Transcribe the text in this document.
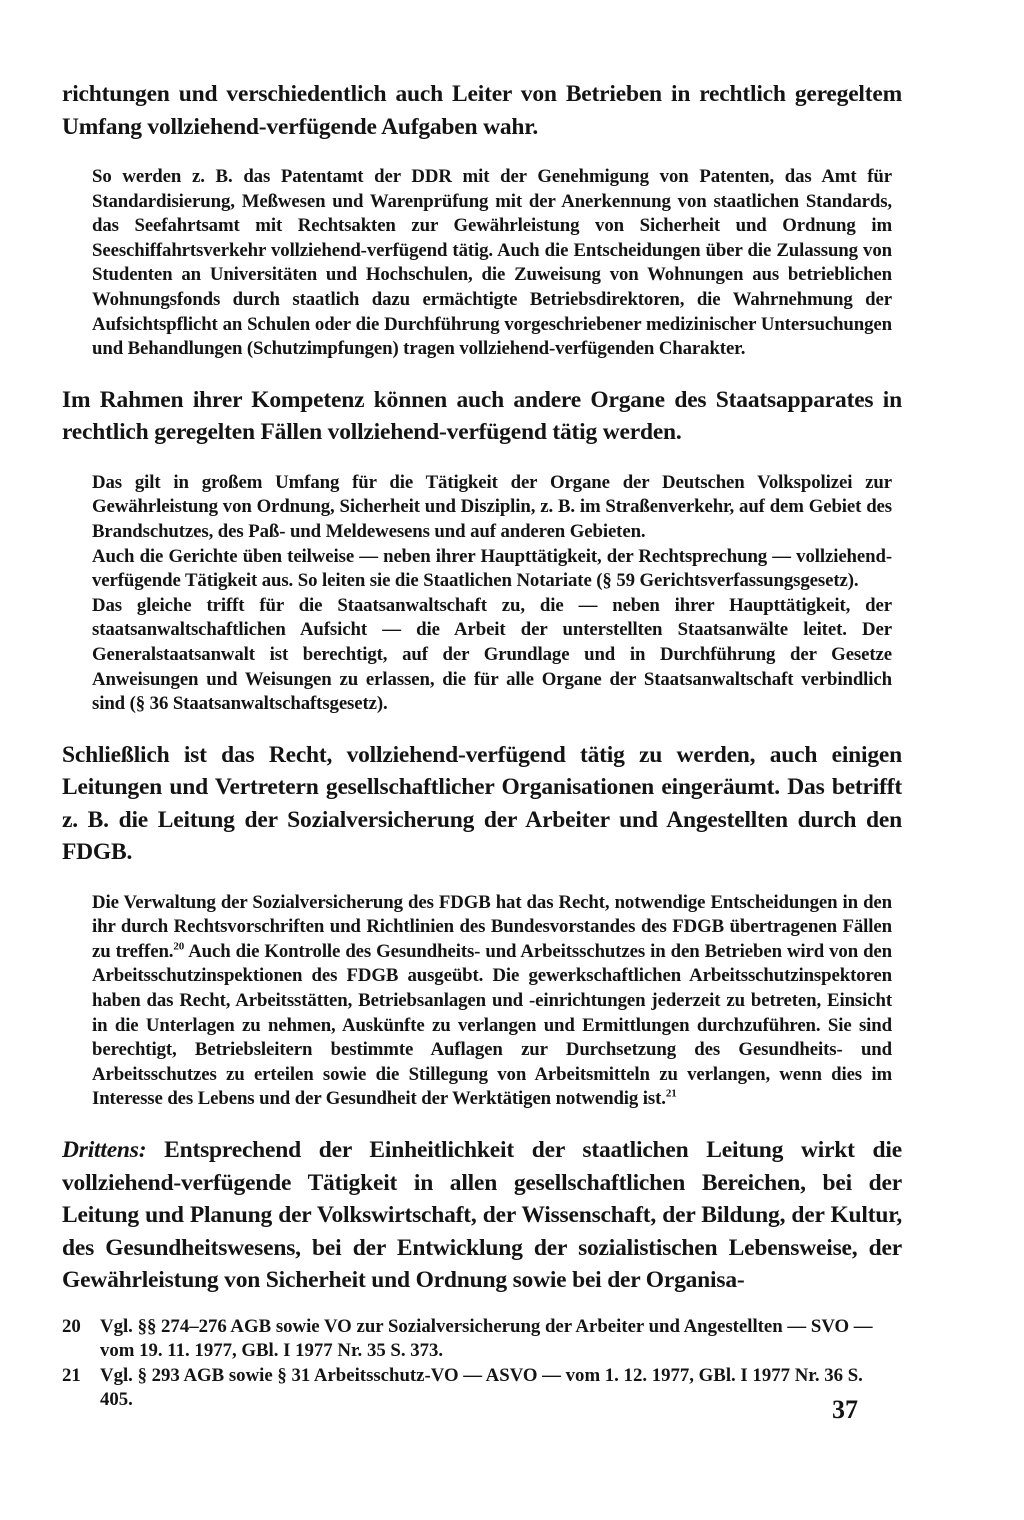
richtungen und verschiedentlich auch Leiter von Betrieben in rechtlich geregeltem Umfang vollziehend-verfügende Aufgaben wahr.

So werden z. B. das Patentamt der DDR mit der Genehmigung von Patenten, das Amt für Standardisierung, Meßwesen und Warenprüfung mit der Anerkennung von staatlichen Standards, das Seefahrtsamt mit Rechtsakten zur Gewährleistung von Sicherheit und Ordnung im Seeschiffahrtsverkehr vollziehend-verfügend tätig. Auch die Entscheidungen über die Zulassung von Studenten an Universitäten und Hochschulen, die Zuweisung von Wohnungen aus betrieblichen Wohnungsfonds durch staatlich dazu ermächtigte Betriebsdirektoren, die Wahrnehmung der Aufsichtspflicht an Schulen oder die Durchführung vorgeschriebener medizinischer Untersuchungen und Behandlungen (Schutzimpfungen) tragen vollziehend-verfügenden Charakter.

Im Rahmen ihrer Kompetenz können auch andere Organe des Staatsapparates in rechtlich geregelten Fällen vollziehend-verfügend tätig werden.

Das gilt in großem Umfang für die Tätigkeit der Organe der Deutschen Volkspolizei zur Gewährleistung von Ordnung, Sicherheit und Disziplin, z. B. im Straßenverkehr, auf dem Gebiet des Brandschutzes, des Paß- und Meldewesens und auf anderen Gebieten.

Auch die Gerichte üben teilweise — neben ihrer Haupttätigkeit, der Rechtsprechung — vollziehend-verfügende Tätigkeit aus. So leiten sie die Staatlichen Notariate (§ 59 Gerichtsverfassungsgesetz).

Das gleiche trifft für die Staatsanwaltschaft zu, die — neben ihrer Haupttätigkeit, der staatsanwaltschaftlichen Aufsicht — die Arbeit der unterstellten Staatsanwälte leitet. Der Generalstaatsanwalt ist berechtigt, auf der Grundlage und in Durchführung der Gesetze Anweisungen und Weisungen zu erlassen, die für alle Organe der Staatsanwaltschaft verbindlich sind (§ 36 Staatsanwaltschaftsgesetz).

Schließlich ist das Recht, vollziehend-verfügend tätig zu werden, auch einigen Leitungen und Vertretern gesellschaftlicher Organisationen eingeräumt. Das betrifft z. B. die Leitung der Sozialversicherung der Arbeiter und Angestellten durch den FDGB.

Die Verwaltung der Sozialversicherung des FDGB hat das Recht, notwendige Entscheidungen in den ihr durch Rechtsvorschriften und Richtlinien des Bundesvorstandes des FDGB übertragenen Fällen zu treffen.$^{20}$ Auch die Kontrolle des Gesundheits- und Arbeitsschutzes in den Betrieben wird von den Arbeitsschutzinspektionen des FDGB ausgeübt. Die gewerkschaftlichen Arbeitsschutzinspektoren haben das Recht, Arbeitsstätten, Betriebsanlagen und -einrichtungen jederzeit zu betreten, Einsicht in die Unterlagen zu nehmen, Auskünfte zu verlangen und Ermittlungen durchzuführen. Sie sind berechtigt, Betriebsleitern bestimmte Auflagen zur Durchsetzung des Gesundheits- und Arbeitsschutzes zu erteilen sowie die Stillegung von Arbeitsmitteln zu verlangen, wenn dies im Interesse des Lebens und der Gesundheit der Werktätigen notwendig ist.$^{21}$

Drittens: Entsprechend der Einheitlichkeit der staatlichen Leitung wirkt die vollziehend-verfügende Tätigkeit in allen gesellschaftlichen Bereichen, bei der Leitung und Planung der Volkswirtschaft, der Wissenschaft, der Bildung, der Kultur, des Gesundheitswesens, bei der Entwicklung der sozialistischen Lebensweise, der Gewährleistung von Sicherheit und Ordnung sowie bei der Organisa-

20	Vgl. §§ 274–276 AGB sowie VO zur Sozialversicherung der Arbeiter und Angestellten — SVO — vom 19. 11. 1977, GBl. I 1977 Nr. 35 S. 373.
21	Vgl. § 293 AGB sowie § 31 Arbeitsschutz-VO — ASVO — vom 1. 12. 1977, GBl. I 1977 Nr. 36 S. 405.	37
